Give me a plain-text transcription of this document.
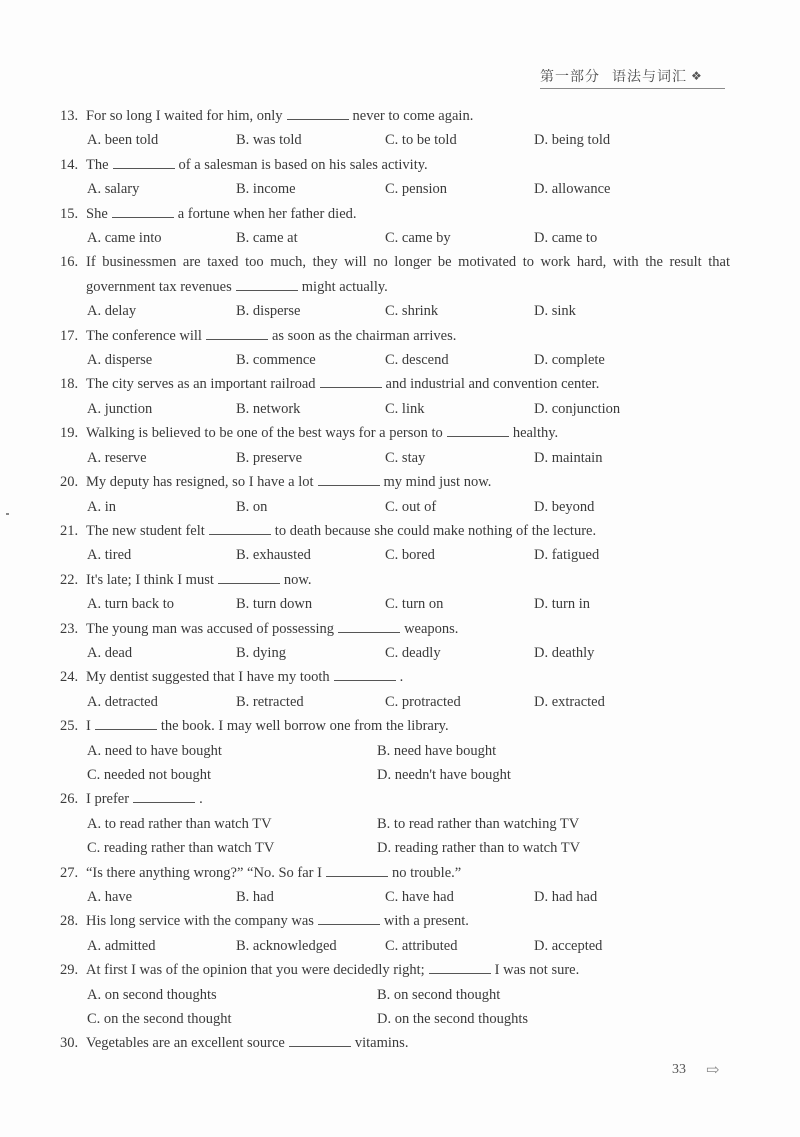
第一部分 语法与词汇 ❖
13. For so long I waited for him, only	never to come again.
A. been told	B. was told	C. to be told	D. being told
14. The	of a salesman is based on his sales activity.
A. salary	B. income	C. pension	D. allowance
15. She	a fortune when her father died.
A. came into	B. came at	C. came by	D. came to
16. If businessmen are taxed too much, they will no longer be motivated to work hard, with the result that government tax revenues	might actually.
A. delay	B. disperse	C. shrink	D. sink
17. The conference will	as soon as the chairman arrives.
A. disperse	B. commence	C. descend	D. complete
18. The city serves as an important railroad	and industrial and convention center.
A. junction	B. network	C. link	D. conjunction
19. Walking is believed to be one of the best ways for a person to	healthy.
A. reserve	B. preserve	C. stay	D. maintain
20. My deputy has resigned, so I have a lot	my mind just now.
A. in	B. on	C. out of	D. beyond
21. The new student felt	to death because she could make nothing of the lecture.
A. tired	B. exhausted	C. bored	D. fatigued
22. It's late; I think I must	now.
A. turn back to	B. turn down	C. turn on	D. turn in
23. The young man was accused of possessing	weapons.
A. dead	B. dying	C. deadly	D. deathly
24. My dentist suggested that I have my tooth	.
A. detracted	B. retracted	C. protracted	D. extracted
25. I	the book. I may well borrow one from the library.
A. need to have bought	B. need have bought
C. needed not bought	D. needn't have bought
26. I prefer	.
A. to read rather than watch TV	B. to read rather than watching TV
C. reading rather than watch TV	D. reading rather than to watch TV
27. “Is there anything wrong?” “No. So far I	no trouble.”
A. have	B. had	C. have had	D. had had
28. His long service with the company was	with a present.
A. admitted	B. acknowledged	C. attributed	D. accepted
29. At first I was of the opinion that you were decidedly right;	I was not sure.
A. on second thoughts	B. on second thought
C. on the second thought	D. on the second thoughts
30. Vegetables are an excellent source	vitamins.
33 ⇨
